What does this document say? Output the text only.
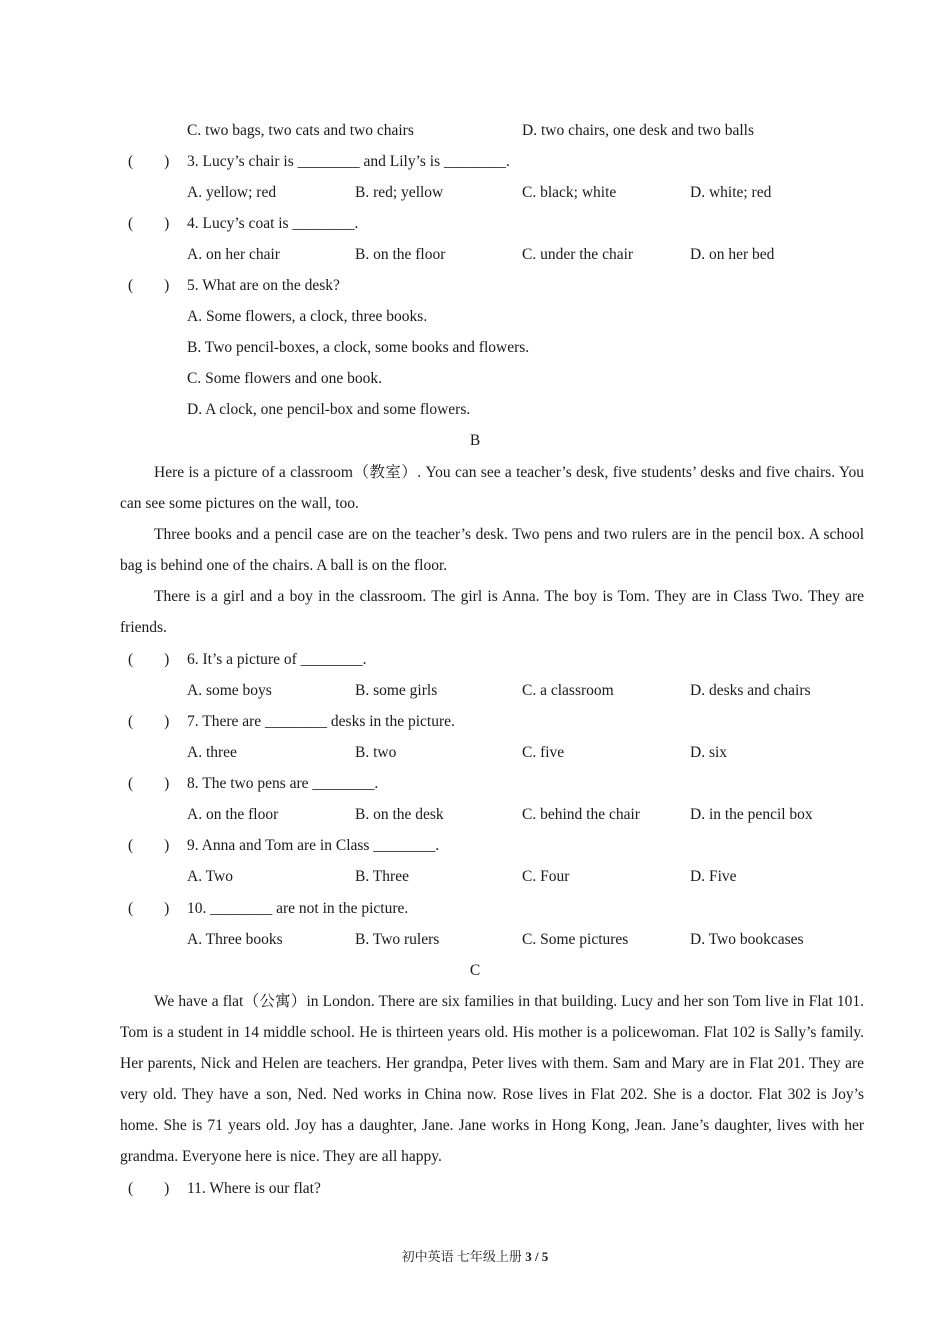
C. two bags, two cats and two chairs	D. two chairs, one desk and two balls
(　　) 3. Lucy’s chair is ________ and Lily’s is ________.
A. yellow; red	B. red; yellow	C. black; white	D. white; red
(　　) 4. Lucy’s coat is ________.
A. on her chair	B. on the floor	C. under the chair	D. on her bed
(　　) 5. What are on the desk?
A. Some flowers, a clock, three books.
B. Two pencil-boxes, a clock, some books and flowers.
C. Some flowers and one book.
D. A clock, one pencil-box and some flowers.
B
Here is a picture of a classroom（教室）. You can see a teacher’s desk, five students’ desks and five chairs. You can see some pictures on the wall, too.
Three books and a pencil case are on the teacher’s desk. Two pens and two rulers are in the pencil box. A school bag is behind one of the chairs. A ball is on the floor.
There is a girl and a boy in the classroom. The girl is Anna. The boy is Tom. They are in Class Two. They are friends.
(　　) 6. It’s a picture of ________.
A. some boys	B. some girls	C. a classroom	D. desks and chairs
(　　) 7. There are ________ desks in the picture.
A. three	B. two	C. five	D. six
(　　) 8. The two pens are ________.
A. on the floor	B. on the desk	C. behind the chair	D. in the pencil box
(　　) 9. Anna and Tom are in Class ________.
A. Two	B. Three	C. Four	D. Five
(　　) 10. ________ are not in the picture.
A. Three books	B. Two rulers	C. Some pictures	D. Two bookcases
C
We have a flat（公寓）in London. There are six families in that building. Lucy and her son Tom live in Flat 101. Tom is a student in 14 middle school. He is thirteen years old. His mother is a policewoman. Flat 102 is Sally’s family. Her parents, Nick and Helen are teachers. Her grandpa, Peter lives with them. Sam and Mary are in Flat 201. They are very old. They have a son, Ned. Ned works in China now. Rose lives in Flat 202. She is a doctor. Flat 302 is Joy’s home. She is 71 years old. Joy has a daughter, Jane. Jane works in Hong Kong, Jean. Jane’s daughter, lives with her grandma. Everyone here is nice. They are all happy.
(　　) 11. Where is our flat?
初中英语 七年级上册 3 / 5
